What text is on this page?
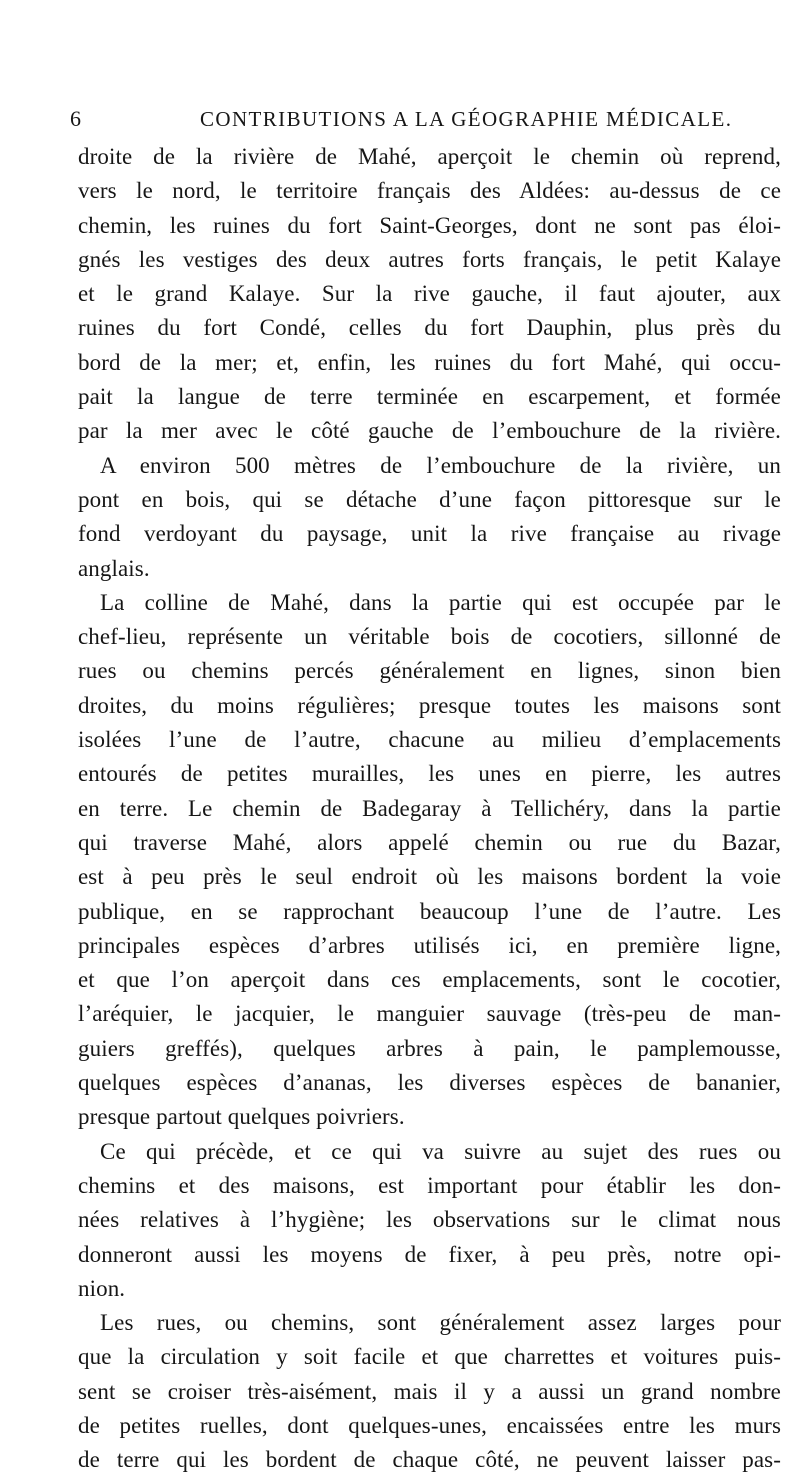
6	CONTRIBUTIONS A LA GÉOGRAPHIE MÉDICALE.
droite de la rivière de Mahé, aperçoit le chemin où reprend,
vers le nord, le territoire français des Aldées: au-dessus de ce
chemin, les ruines du fort Saint-Georges, dont ne sont pas éloi-
gnés les vestiges des deux autres forts français, le petit Kalaye
et le grand Kalaye. Sur la rive gauche, il faut ajouter, aux
ruines du fort Condé, celles du fort Dauphin, plus près du
bord de la mer; et, enfin, les ruines du fort Mahé, qui occu-
pait la langue de terre terminée en escarpement, et formée
par la mer avec le côté gauche de l’embouchure de la rivière.
A environ 500 mètres de l’embouchure de la rivière, un
pont en bois, qui se détache d’une façon pittoresque sur le
fond verdoyant du paysage, unit la rive française au rivage
anglais.
La colline de Mahé, dans la partie qui est occupée par le
chef-lieu, représente un véritable bois de cocotiers, sillonné de
rues ou chemins percés généralement en lignes, sinon bien
droites, du moins régulières; presque toutes les maisons sont
isolées l’une de l’autre, chacune au milieu d’emplacements
entourés de petites murailles, les unes en pierre, les autres
en terre. Le chemin de Badegaray à Tellichéry, dans la partie
qui traverse Mahé, alors appelé chemin ou rue du Bazar,
est à peu près le seul endroit où les maisons bordent la voie
publique, en se rapprochant beaucoup l’une de l’autre. Les
principales espèces d’arbres utilisés ici, en première ligne,
et que l’on aperçoit dans ces emplacements, sont le cocotier,
l’aréquier, le jacquier, le manguier sauvage (très-peu de man-
guiers greffés), quelques arbres à pain, le pamplemousse,
quelques espèces d’ananas, les diverses espèces de bananier,
presque partout quelques poivriers.
Ce qui précède, et ce qui va suivre au sujet des rues ou
chemins et des maisons, est important pour établir les don-
nées relatives à l’hygiène; les observations sur le climat nous
donneront aussi les moyens de fixer, à peu près, notre opi-
nion.
Les rues, ou chemins, sont généralement assez larges pour
que la circulation y soit facile et que charrettes et voitures puis-
sent se croiser très-aisément, mais il y a aussi un grand nombre
de petites ruelles, dont quelques-unes, encaissées entre les murs
de terre qui les bordent de chaque côté, ne peuvent laisser pas-
